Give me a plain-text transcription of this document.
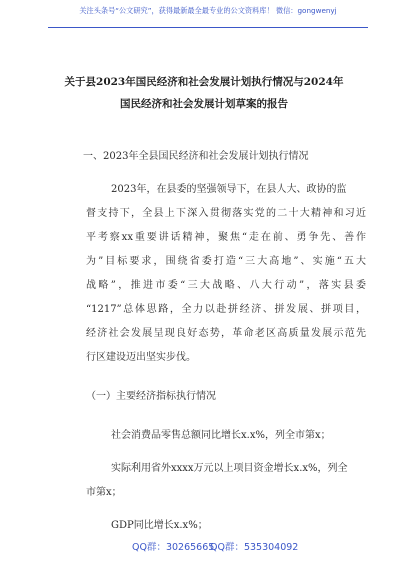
关注头条号“公文研究”，获得最新最全最专业的公文资料库！ 微信：gongwenyj
关于县2023年国民经济和社会发展计划执行情况与2024年
国民经济和社会发展计划草案的报告
一、2023年全县国民经济和社会发展计划执行情况
2023年，在县委的坚强领导下，在县人大、政协的监
督支持下，全县上下深入贯彻落实党的二十大精神和习近
平考察xx重要讲话精神，聚焦“走在前、勇争先、善作
为”目标要求，围绕省委打造“三大高地”、实施“五大
战略”，推进市委“三大战略、八大行动”，落实县委
“1217”总体思路，全力以赴拼经济、拼发展、拼项目，
经济社会发展呈现良好态势，革命老区高质量发展示范先
行区建设迈出坚实步伐。
（一）主要经济指标执行情况
社会消费品零售总额同比增长x.x%，列全市第x；
实际利用省外xxxx万元以上项目资金增长x.x%，列全
市第x；
GDP同比增长x.x%；
QQ群：30265665
QQ群：535304092
